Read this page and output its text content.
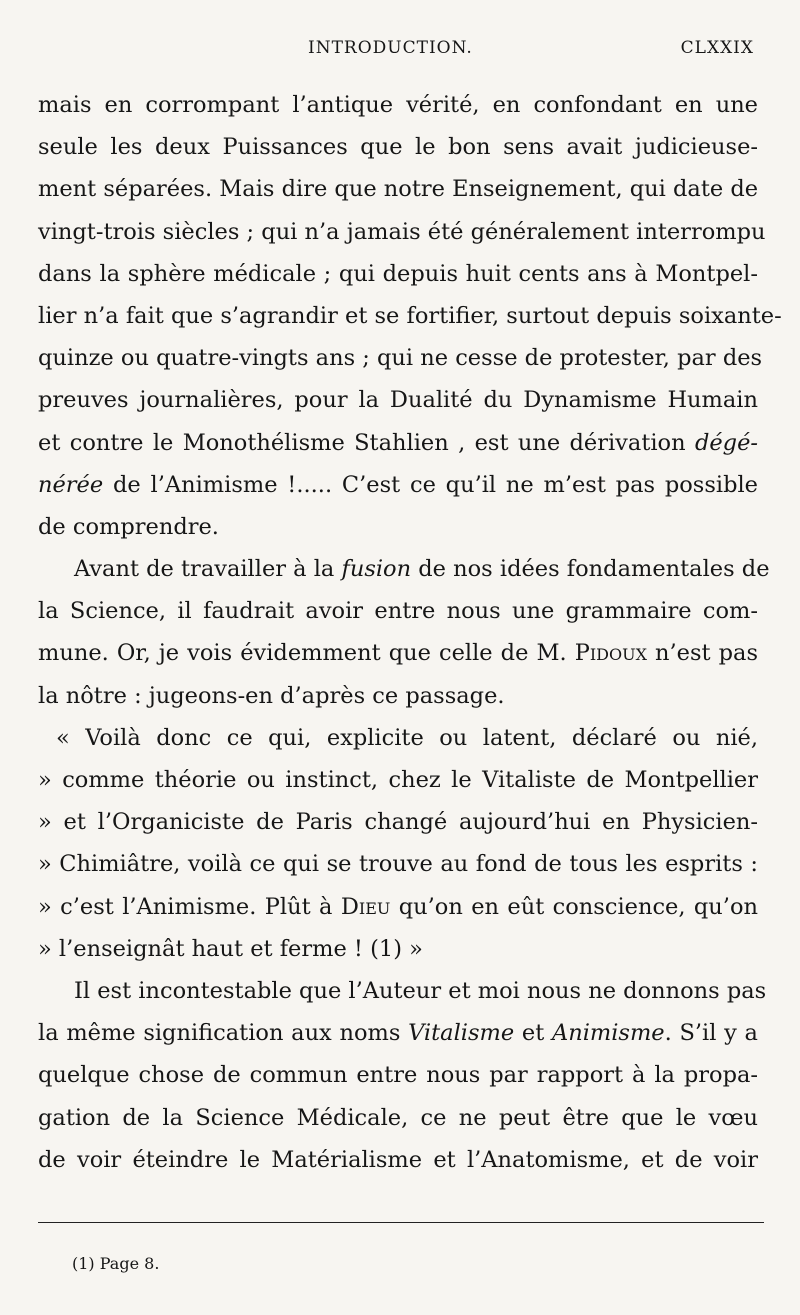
INTRODUCTION.	CLXXIX
mais en corrompant l’antique vérité, en confondant en une
seule les deux Puissances que le bon sens avait judicieuse-
ment séparées. Mais dire que notre Enseignement, qui date de
vingt-trois siècles ; qui n’a jamais été généralement interrompu
dans la sphère médicale ; qui depuis huit cents ans à Montpel-
lier n’a fait que s’agrandir et se fortifier, surtout depuis soixante-
quinze ou quatre-vingts ans ; qui ne cesse de protester, par des
preuves journalières, pour la Dualité du Dynamisme Humain
et contre le Monothélisme Stahlien , est une dérivation dégé-
nérée de l’Animisme !..... C’est ce qu’il ne m’est pas possible
de comprendre.
Avant de travailler à la fusion de nos idées fondamentales de
la Science, il faudrait avoir entre nous une grammaire com-
mune. Or, je vois évidemment que celle de M. Pidoux n’est pas
la nôtre : jugeons-en d’après ce passage.
« Voilà donc ce qui, explicite ou latent, déclaré ou nié,
» comme théorie ou instinct, chez le Vitaliste de Montpellier
» et l’Organiciste de Paris changé aujourd’hui en Physicien-
» Chimiâtre, voilà ce qui se trouve au fond de tous les esprits :
» c’est l’Animisme. Plût à Dieu qu’on en eût conscience, qu’on
» l’enseignât haut et ferme ! (1) »
Il est incontestable que l’Auteur et moi nous ne donnons pas
la même signification aux noms Vitalisme et Animisme. S’il y a
quelque chose de commun entre nous par rapport à la propa-
gation de la Science Médicale, ce ne peut être que le vœu
de voir éteindre le Matérialisme et l’Anatomisme, et de voir
(1) Page 8.
